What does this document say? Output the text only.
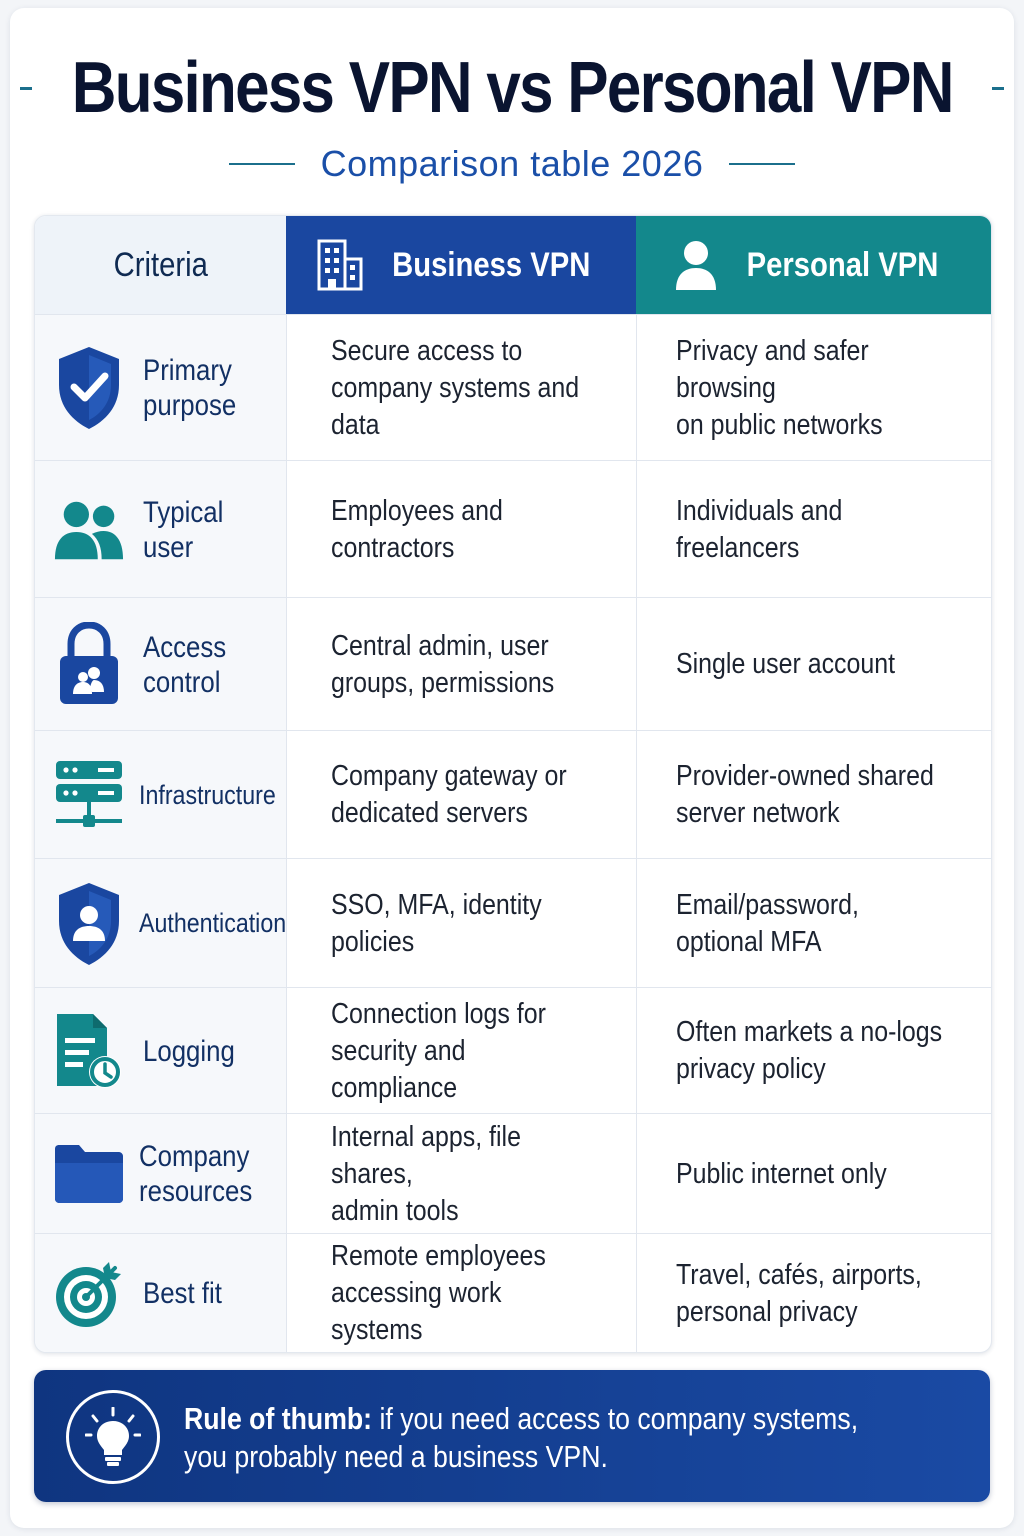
Business VPN vs Personal VPN
Comparison table 2026
Criteria	Business VPN	Personal VPN
Primary
purpose
Secure access to
company systems and data
Privacy and safer browsing
on public networks
Typical
user
Employees and
contractors
Individuals and
freelancers
Access
control
Central admin, user
groups, permissions
Single user account
Infrastructure
Company gateway or
dedicated servers
Provider-owned shared
server network
Authentication
SSO, MFA, identity
policies
Email/password,
optional MFA
Logging
Connection logs for
security and compliance
Often markets a no-logs
privacy policy
Company
resources
Internal apps, file shares,
admin tools
Public internet only
Best fit
Remote employees
accessing work systems
Travel, cafés, airports,
personal privacy
Rule of thumb: if you need access to company systems,
you probably need a business VPN.
